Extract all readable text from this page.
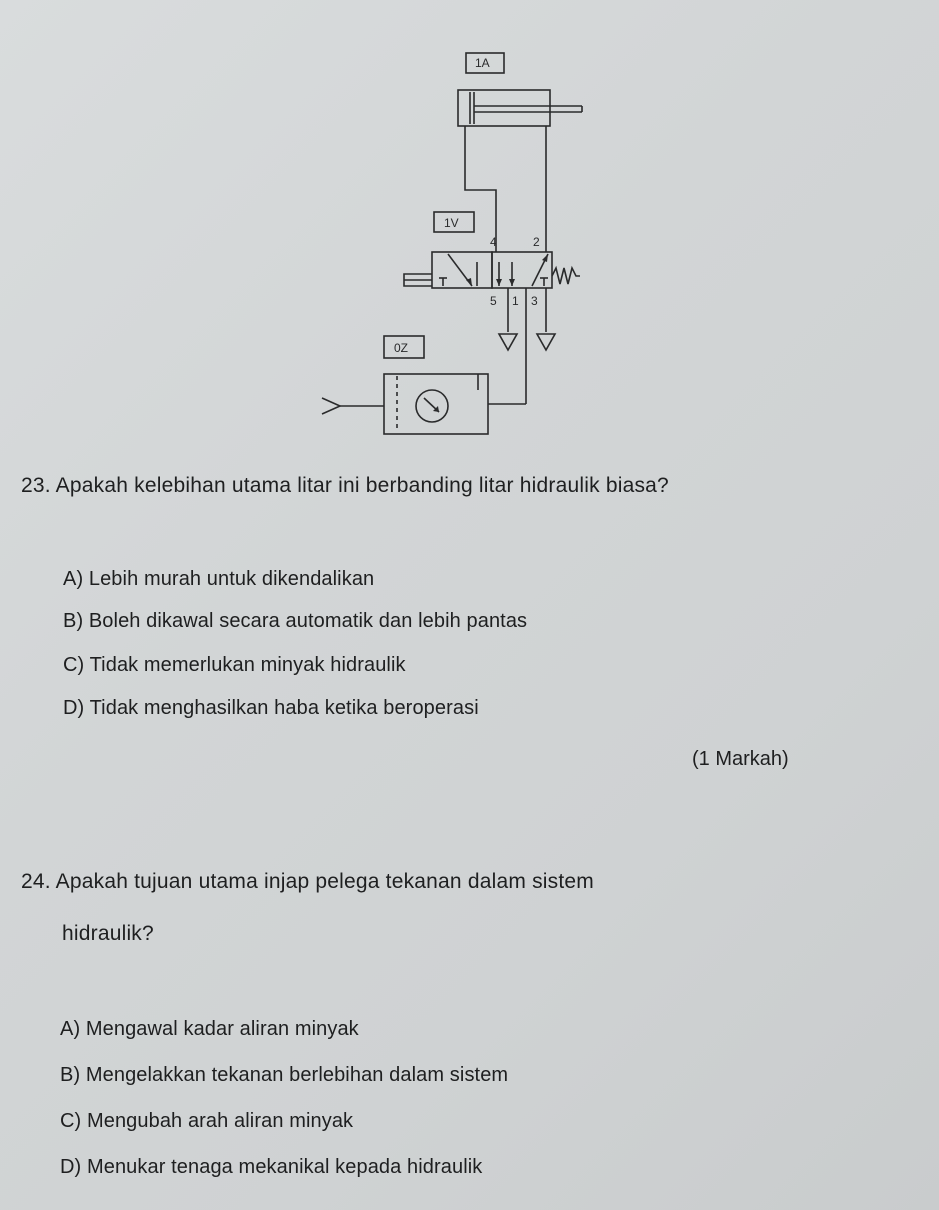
1A
1V
0Z
4	2
5 1 3
23. Apakah kelebihan utama litar ini berbanding litar hidraulik biasa?
A) Lebih murah untuk dikendalikan
B) Boleh dikawal secara automatik dan lebih pantas
C) Tidak memerlukan minyak hidraulik
D) Tidak menghasilkan haba ketika beroperasi
(1 Markah)
24. Apakah tujuan utama injap pelega tekanan dalam sistem
hidraulik?
A) Mengawal kadar aliran minyak
B) Mengelakkan tekanan berlebihan dalam sistem
C) Mengubah arah aliran minyak
D) Menukar tenaga mekanikal kepada hidraulik
